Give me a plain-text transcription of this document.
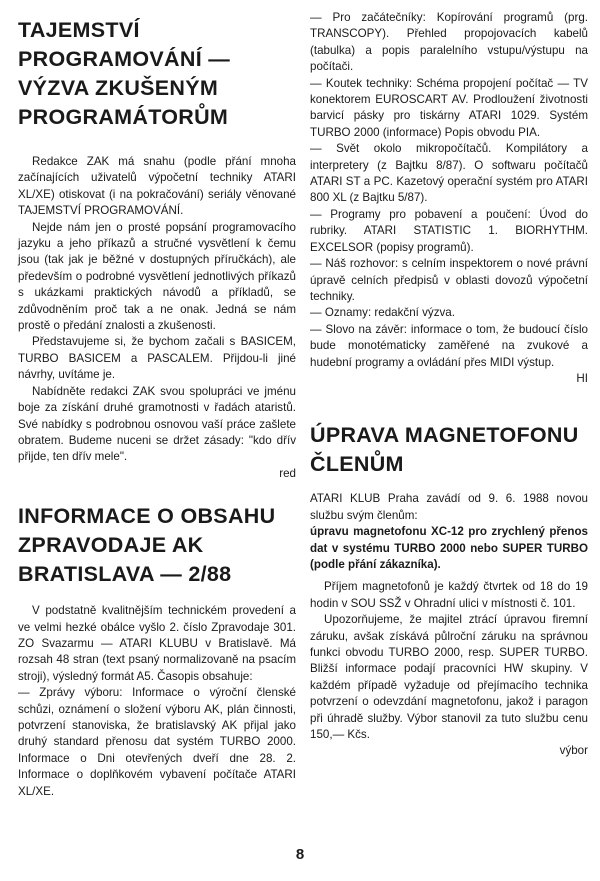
TAJEMSTVÍ PROGRAMOVÁNÍ — VÝZVA ZKUŠENÝM PROGRAMÁTORŮM

Redakce ZAK má snahu (podle přání mnoha začínajících uživatelů výpočetní techniky ATARI XL/XE) otiskovat (i na pokračování) seriály věnované TAJEMSTVÍ PROGRAMOVÁNÍ.

Nejde nám jen o prosté popsání programovacího jazyku a jeho příkazů a stručné vysvětlení k čemu jsou (tak jak je běžné v dostupných příručkách), ale především o podrobné vysvětlení jednotlivých příkazů s ukázkami praktických návodů a příkladů, se zdůvodněním proč tak a ne onak. Jedná se nám prostě o předání znalosti a zkušenosti.

Představujeme si, že bychom začali s BASICEM, TURBO BASICEM a PASCALEM. Přijdou-li jiné návrhy, uvítáme je.

Nabídněte redakci ZAK svou spolupráci ve jménu boje za získání druhé gramotnosti v řadách ataristů. Své nabídky s podrobnou osnovou vaší práce zašlete obratem. Budeme nuceni se držet zásady: "kdo dřív přijde, ten dřív mele".

red

INFORMACE O OBSAHU ZPRAVODAJE AK BRATISLAVA — 2/88

V podstatně kvalitnějším technickém provedení a ve velmi hezké obálce vyšlo 2. číslo Zpravodaje 301. ZO Svazarmu — ATARI KLUBU v Bratislavě. Má rozsah 48 stran (text psaný normalizovaně na psacím stroji), výsledný formát A5. Časopis obsahuje:

— Zprávy výboru: Informace o výroční členské schůzi, oznámení o složení výboru AK, plán činnosti, potvrzení stanoviska, že bratislavský AK přijal jako druhý standard přenosu dat systém TURBO 2000. Informace o Dni otevřených dveří dne 28. 2. Informace o doplňkovém vybavení počítače ATARI XL/XE.

— Pro začátečníky: Kopírování programů (prg. TRANSCOPY). Přehled propojovacích kabelů (tabulka) a popis paralelního vstupu/výstupu na počítači.

— Koutek techniky: Schéma propojení počítač — TV konektorem EUROSCART AV. Prodloužení životnosti barvicí pásky pro tiskárny ATARI 1029. Systém TURBO 2000 (informace) Popis obvodu PIA.

— Svět okolo mikropočítačů. Kompilátory a interpretery (z Bajtku 8/87). O softwaru počítačů ATARI ST a PC. Kazetový operační systém pro ATARI 800 XL (z Bajtku 5/87).

— Programy pro pobavení a poučení: Úvod do rubriky. ATARI STATISTIC 1. BIORHYTHM. EXCELSOR (popisy programů).

— Náš rozhovor: s celním inspektorem o nové právní úpravě celních předpisů v oblasti dovozů výpočetní techniky.

— Oznamy: redakční výzva.

— Slovo na závěr: informace o tom, že budoucí číslo bude monotématicky zaměřené na zvukové a hudební programy a ovládání přes MIDI výstup.

HI

ÚPRAVA MAGNETOFONU ČLENŮM

ATARI KLUB Praha zavádí od 9. 6. 1988 novou službu svým členům:

úpravu magnetofonu XC-12 pro zrychlený přenos dat v systému TURBO 2000 nebo SUPER TURBO (podle přání zákazníka).

Příjem magnetofonů je každý čtvrtek od 18 do 19 hodin v SOU SSŽ v Ohradní ulici v místnosti č. 101.

Upozorňujeme, že majitel ztrácí úpravou firemní záruku, avšak získává půlroční záruku na správnou funkci obvodu TURBO 2000, resp. SUPER TURBO. Bližší informace podají pracovníci HW skupiny. V každém případě vyžaduje od přejímacího technika potvrzení o odevzdání magnetofonu, jakož i paragon při úhradě služby. Výbor stanovil za tuto službu cenu 150,— Kčs.

výbor

8
